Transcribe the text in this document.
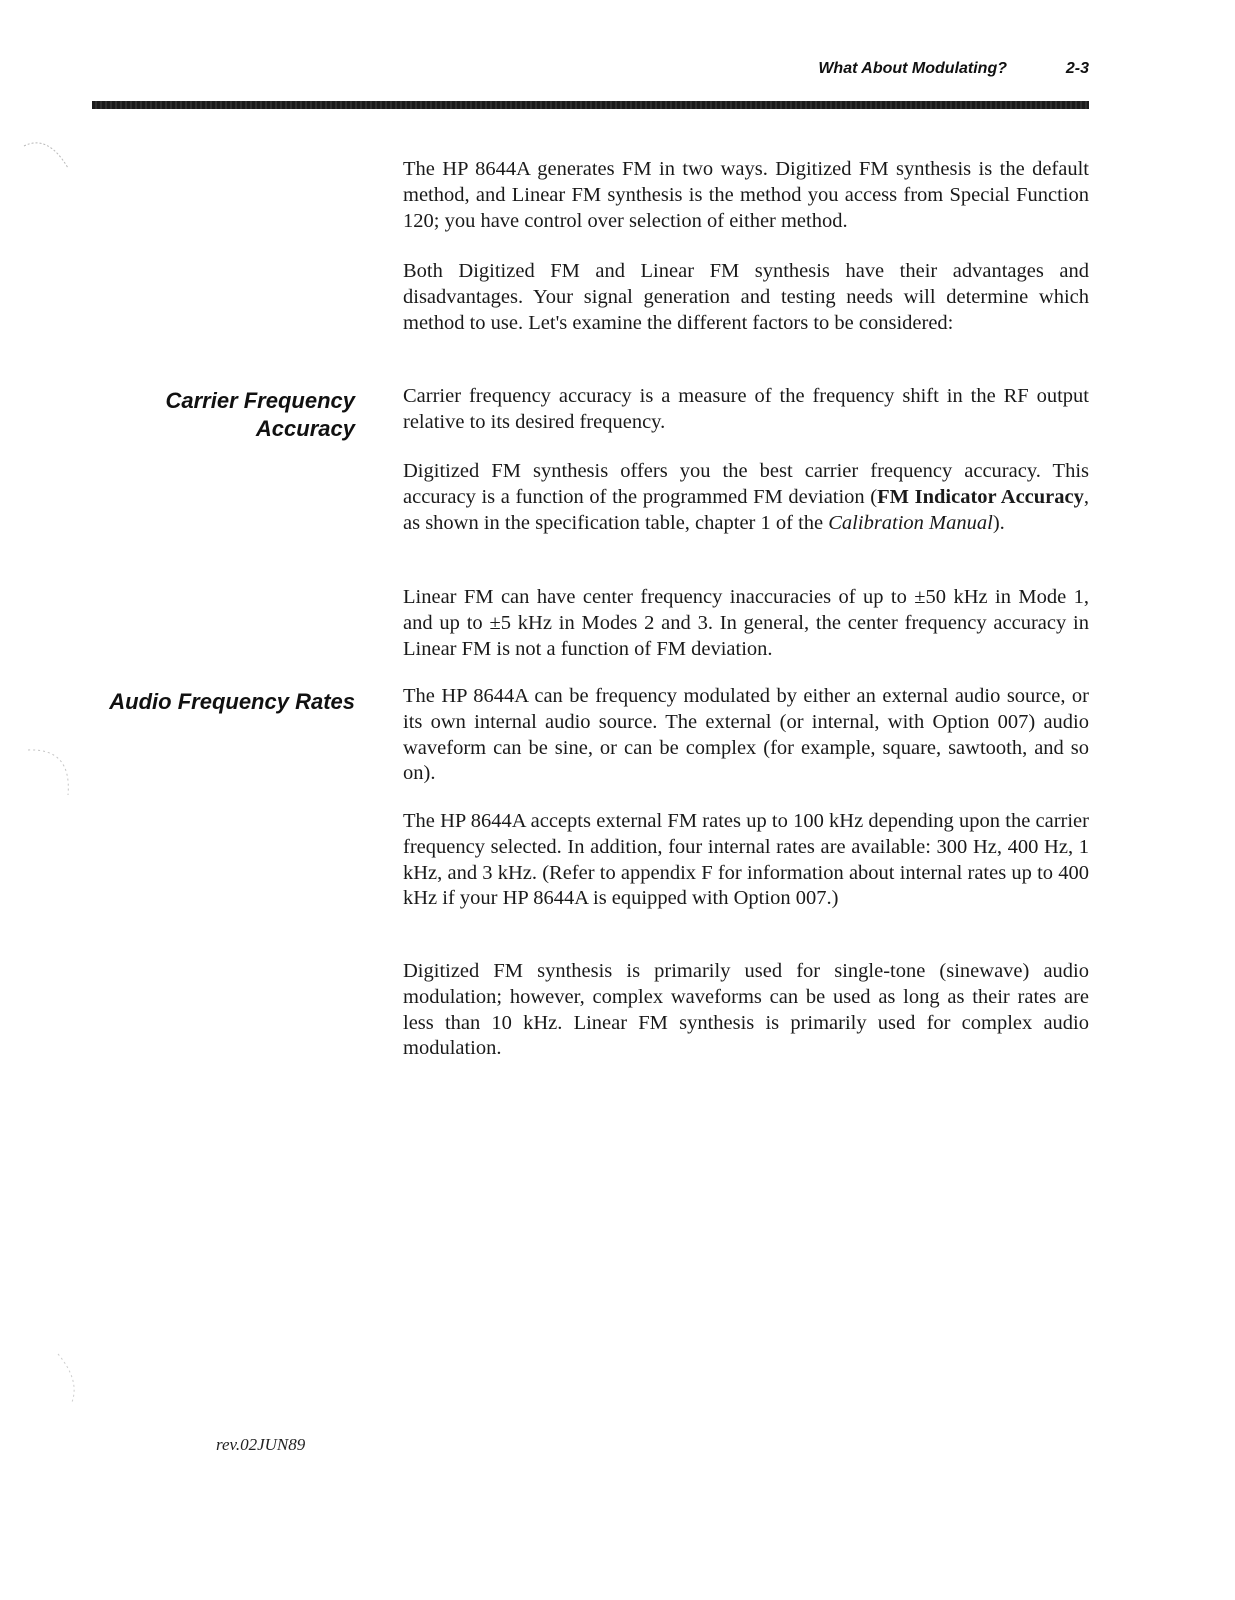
What About Modulating?	2-3

The HP 8644A generates FM in two ways. Digitized FM synthesis is the default method, and Linear FM synthesis is the method you access from Special Function 120; you have control over selection of either method.

Both Digitized FM and Linear FM synthesis have their advantages and disadvantages. Your signal generation and testing needs will determine which method to use. Let's examine the different factors to be considered:

Carrier Frequency
Accuracy

Carrier frequency accuracy is a measure of the frequency shift in the RF output relative to its desired frequency.

Digitized FM synthesis offers you the best carrier frequency accuracy. This accuracy is a function of the programmed FM deviation (FM Indicator Accuracy, as shown in the specification table, chapter 1 of the Calibration Manual).

Linear FM can have center frequency inaccuracies of up to ±50 kHz in Mode 1, and up to ±5 kHz in Modes 2 and 3. In general, the center frequency accuracy in Linear FM is not a function of FM deviation.

Audio Frequency Rates The HP 8644A can be frequency modulated by either an external audio source, or its own internal audio source. The external (or internal, with Option 007) audio waveform can be sine, or can be complex (for example, square, sawtooth, and so on).

The HP 8644A accepts external FM rates up to 100 kHz depending upon the carrier frequency selected. In addition, four internal rates are available: 300 Hz, 400 Hz, 1 kHz, and 3 kHz. (Refer to appendix F for information about internal rates up to 400 kHz if your HP 8644A is equipped with Option 007.)

Digitized FM synthesis is primarily used for single-tone (sinewave) audio modulation; however, complex waveforms can be used as long as their rates are less than 10 kHz. Linear FM synthesis is primarily used for complex audio modulation.

rev.02JUN89
